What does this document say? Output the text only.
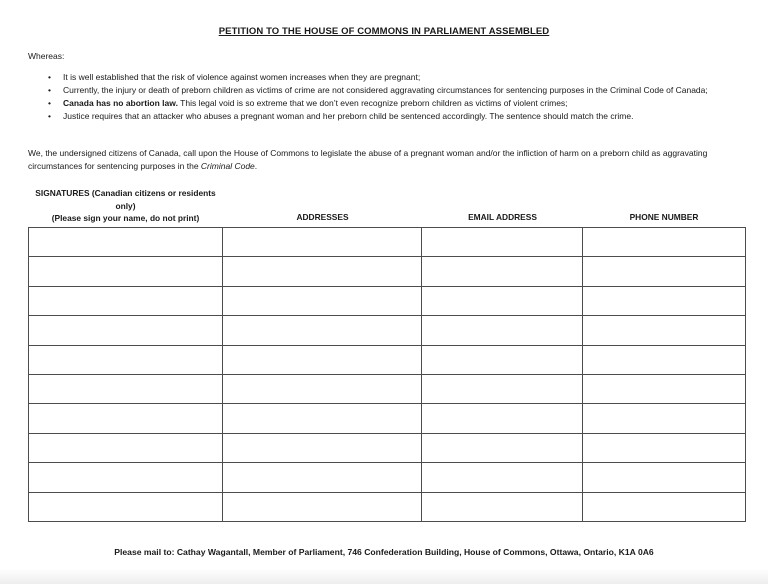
PETITION TO THE HOUSE OF COMMONS IN PARLIAMENT ASSEMBLED
Whereas:
• It is well established that the risk of violence against women increases when they are pregnant;
• Currently, the injury or death of preborn children as victims of crime are not considered aggravating circumstances for sentencing purposes in the Criminal Code of Canada;
• Canada has no abortion law. This legal void is so extreme that we don’t even recognize preborn children as victims of violent crimes;
• Justice requires that an attacker who abuses a pregnant woman and her preborn child be sentenced accordingly. The sentence should match the crime.
We, the undersigned citizens of Canada, call upon the House of Commons to legislate the abuse of a pregnant woman and/or the infliction of harm on a preborn child as aggravating circumstances for sentencing purposes in the Criminal Code.
SIGNATURES (Canadian citizens or residents
only)
(Please sign your name, do not print)	ADDRESSES	EMAIL ADDRESS	PHONE NUMBER

Please mail to: Cathay Wagantall, Member of Parliament, 746 Confederation Building, House of Commons, Ottawa, Ontario, K1A 0A6
